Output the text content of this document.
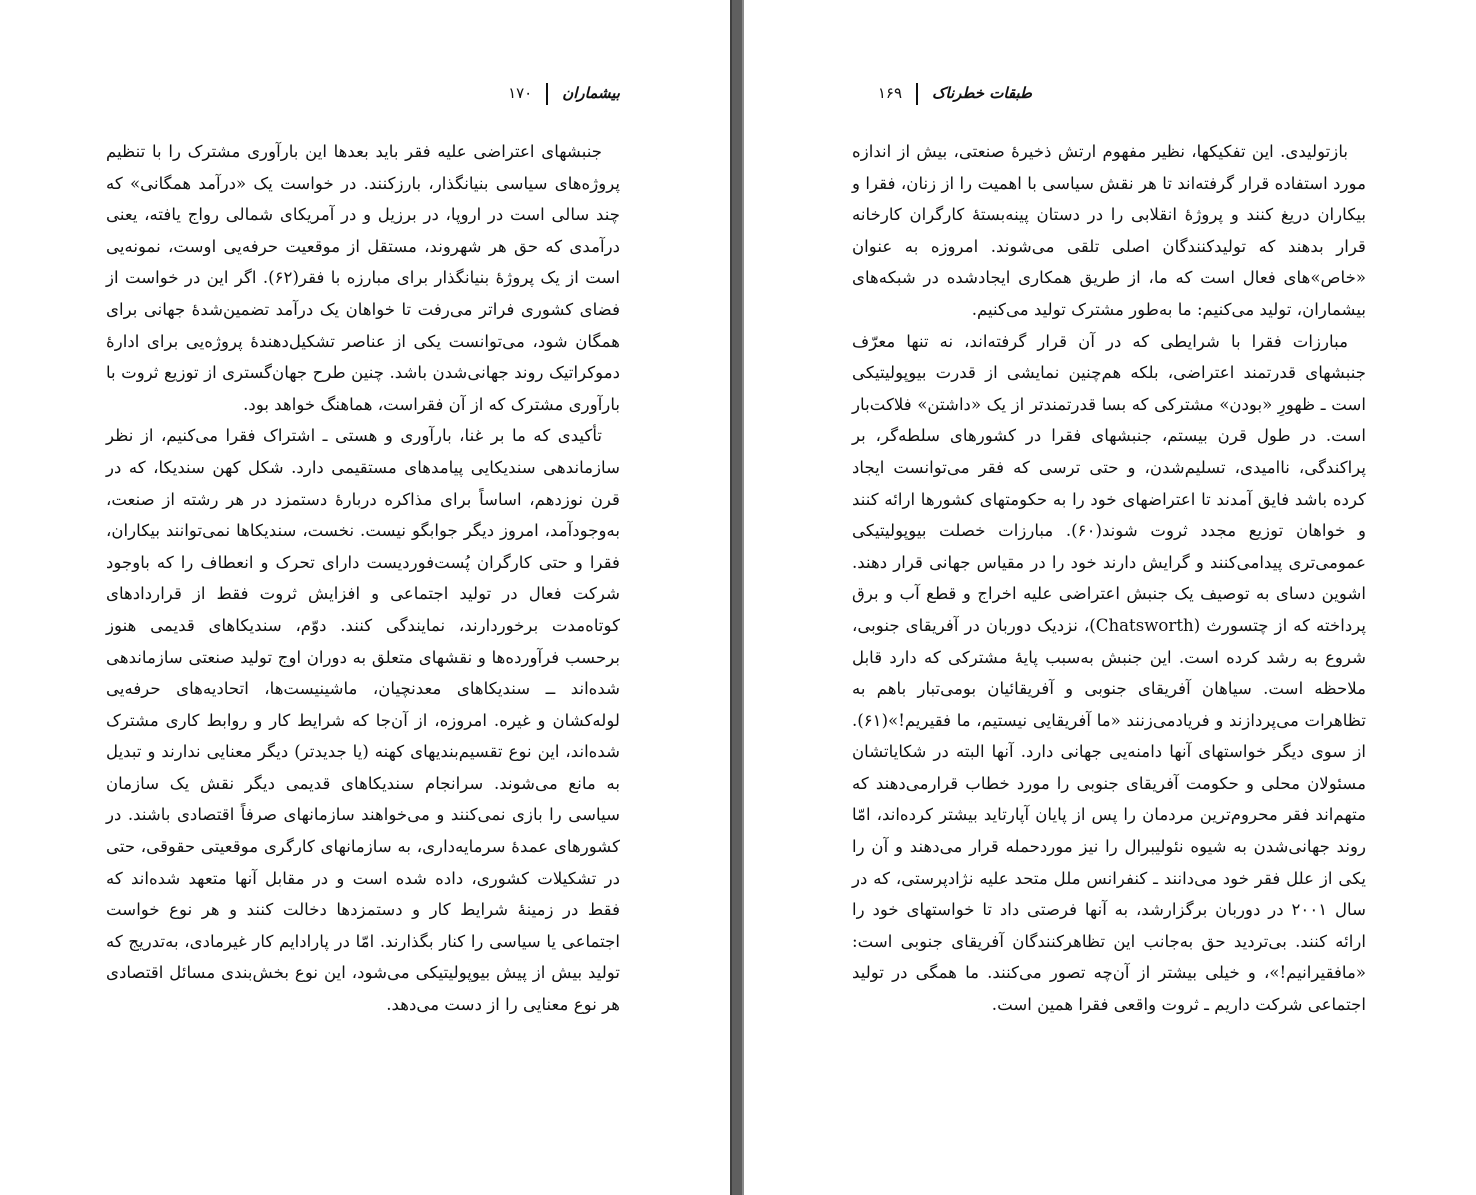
بیشماران۱۷۰

جنبشهای اعتراضی علیه فقر باید بعدها این بارآوری مشترک را با تنظیم پروژه‌های سیاسی بنیانگذار، بارزکنند. در خواست یک «درآمد همگانی» که چند سالی است در اروپا، در برزیل و در آمریکای شمالی رواج یافته، یعنی درآمدی که حق هر شهروند، مستقل از موقعیت حرفه‌یی اوست، نمونه‌یی است از یک پروژهٔ بنیانگذار برای مبارزه با فقر(۶۲). اگر این در خواست از فضای کشوری فراتر می‌رفت تا خواهان یک درآمد تضمین‌شدهٔ جهانی برای همگان شود، می‌توانست یکی از عناصر تشکیل‌دهندهٔ پروژه‌یی برای ادارهٔ دموکراتیک روند جهانی‌شدن باشد. چنین طرح جهان‌گستری از توزیع ثروت با بارآوری مشترک که از آن فقراست، هماهنگ خواهد بود.

تأکیدی که ما بر غنا، بارآوری و هستی ـ اشتراک فقرا می‌کنیم، از نظر سازماندهی سندیکایی پیامدهای مستقیمی دارد. شکل کهن سندیکا، که در قرن نوزدهم، اساساً برای مذاکره دربارهٔ دستمزد در هر رشته از صنعت، به‌وجودآمد، امروز دیگر جوابگو نیست. نخست، سندیکاها نمی‌توانند بیکاران، فقرا و حتی کارگران پُست‌فوردیست دارای تحرک و انعطاف را که باوجود شرکت فعال در تولید اجتماعی و افزایش ثروت فقط از قراردادهای کوتاه‌مدت برخوردارند، نمایندگی کنند. دوّم، سندیکاهای قدیمی هنوز برحسب فرآورده‌ها و نقشهای متعلق به دوران اوج تولید صنعتی سازماندهی شده‌اند ــ سندیکاهای معدنچیان، ماشینیست‌ها، اتحادیه‌های حرفه‌یی لوله‌کشان و غیره. امروزه، از آن‌جا که شرایط کار و روابط کاری مشترک شده‌اند، این نوع تقسیم‌بندیهای کهنه (یا جدیدتر) دیگر معنایی ندارند و تبدیل به مانع می‌شوند. سرانجام سندیکاهای قدیمی دیگر نقش یک سازمان سیاسی را بازی نمی‌کنند و می‌خواهند سازمانهای صرفاً اقتصادی باشند. در کشورهای عمدهٔ سرمایه‌داری، به سازمانهای کارگری موقعیتی حقوقی، حتی در تشکیلات کشوری، داده شده است و در مقابل آنها متعهد شده‌اند که فقط در زمینهٔ شرایط کار و دستمزدها دخالت کنند و هر نوع خواست اجتماعی یا سیاسی را کنار بگذارند. امّا در پارادایم کار غیرمادی، به‌تدریج که تولید بیش از پیش بیوپولیتیکی می‌شود، این نوع بخش‌بندی مسائل اقتصادی هر نوع معنایی را از دست می‌دهد.

طبقات خطرناک۱۶۹

بازتولیدی. این تفکیکها، نظیر مفهوم ارتش ذخیرهٔ صنعتی، بیش از اندازه مورد استفاده قرار گرفته‌اند تا هر نقش سیاسی با اهمیت را از زنان، فقرا و بیکاران دریغ کنند و پروژهٔ انقلابی را در دستان پینه‌بستهٔ کارگران کارخانه قرار بدهند که تولیدکنندگان اصلی تلقی می‌شوند. امروزه به عنوان «خاص»های فعال است که ما، از طریق همکاری ایجادشده در شبکه‌های بیشماران، تولید می‌کنیم: ما به‌طور مشترک تولید می‌کنیم.

مبارزات فقرا با شرایطی که در آن قرار گرفته‌اند، نه تنها معرّف جنبشهای قدرتمند اعتراضی، بلکه هم‌چنین نمایشی از قدرت بیوپولیتیکی است ـ ظهورِ «بودن» مشترکی که بسا قدرتمندتر از یک «داشتن» فلاکت‌بار است. در طول قرن بیستم، جنبشهای فقرا در کشورهای سلطه‌گر، بر پراکندگی، ناامیدی، تسلیم‌شدن، و حتی ترسی که فقر می‌توانست ایجاد کرده باشد فایق آمدند تا اعتراضهای خود را به حکومتهای کشورها ارائه کنند و خواهان توزیع مجدد ثروت شوند(۶۰). مبارزات خصلت بیوپولیتیکی عمومی‌تری پیدامی‌کنند و گرایش دارند خود را در مقیاس جهانی قرار دهند. اشوین دسای به توصیف یک جنبش اعتراضی علیه اخراج و قطع آب و برق پرداخته که از چتسورث (Chatsworth)، نزدیک دوربان در آفریقای جنوبی، شروع به رشد کرده است. این جنبش به‌سبب پایهٔ مشترکی که دارد قابل ملاحظه است. سیاهان آفریقای جنوبی و آفریقائیان بومی‌تبار باهم به تظاهرات می‌پردازند و فریادمی‌زنند «ما آفریقایی نیستیم، ما فقیریم!»(۶۱). از سوی دیگر خواستهای آنها دامنه‌یی جهانی دارد. آنها البته در شکایاتشان مسئولان محلی و حکومت آفریقای جنوبی را مورد خطاب قرارمی‌دهند که متهم‌اند فقر محروم‌ترین مردمان را پس از پایان آپارتاید بیشتر کرده‌اند، امّا روند جهانی‌شدن به شیوه نئولیبرال را نیز موردحمله قرار می‌دهند و آن را یکی از علل فقر خود می‌دانند ـ کنفرانس ملل متحد علیه نژادپرستی، که در سال ۲۰۰۱ در دوربان برگزارشد، به آنها فرصتی داد تا خواستهای خود را ارائه کنند. بی‌تردید حق به‌جانب این تظاهرکنندگان آفریقای جنوبی است: «مافقیرانیم!»، و خیلی بیشتر از آن‌چه تصور می‌کنند. ما همگی در تولید اجتماعی شرکت داریم ـ ثروت واقعی فقرا همین است.
